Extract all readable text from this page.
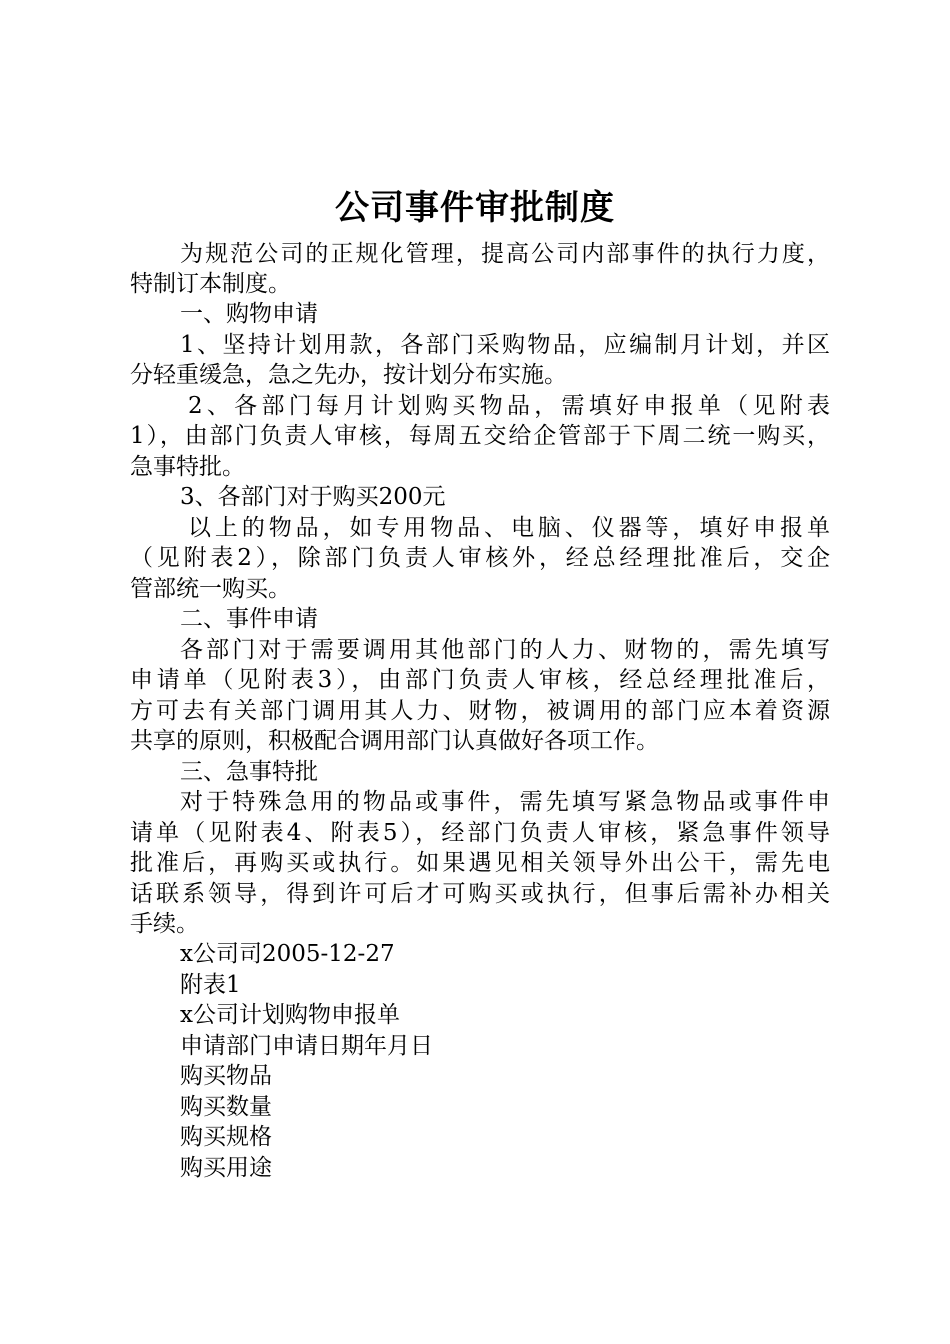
公司事件审批制度
为规范公司的正规化管理，提高公司内部事件的执行力度，
特制订本制度。
一、购物申请
1、坚持计划用款，各部门采购物品，应编制月计划，并区
分轻重缓急，急之先办，按计划分布实施。
2、各部门每月计划购买物品，需填好申报单（见附表
1），由部门负责人审核，每周五交给企管部于下周二统一购买，
急事特批。
3、各部门对于购买200元
以上的物品，如专用物品、电脑、仪器等，填好申报单
（见附表2），除部门负责人审核外，经总经理批准后，交企
管部统一购买。
二、事件申请
各部门对于需要调用其他部门的人力、财物的，需先填写
申请单（见附表3），由部门负责人审核，经总经理批准后，
方可去有关部门调用其人力、财物，被调用的部门应本着资源
共享的原则，积极配合调用部门认真做好各项工作。
三、急事特批
对于特殊急用的物品或事件，需先填写紧急物品或事件申
请单（见附表4、附表5），经部门负责人审核，紧急事件领导
批准后，再购买或执行。如果遇见相关领导外出公干，需先电
话联系领导，得到许可后才可购买或执行，但事后需补办相关
手续。
x公司司2005-12-27
附表1
x公司计划购物申报单
申请部门申请日期年月日
购买物品
购买数量
购买规格
购买用途
